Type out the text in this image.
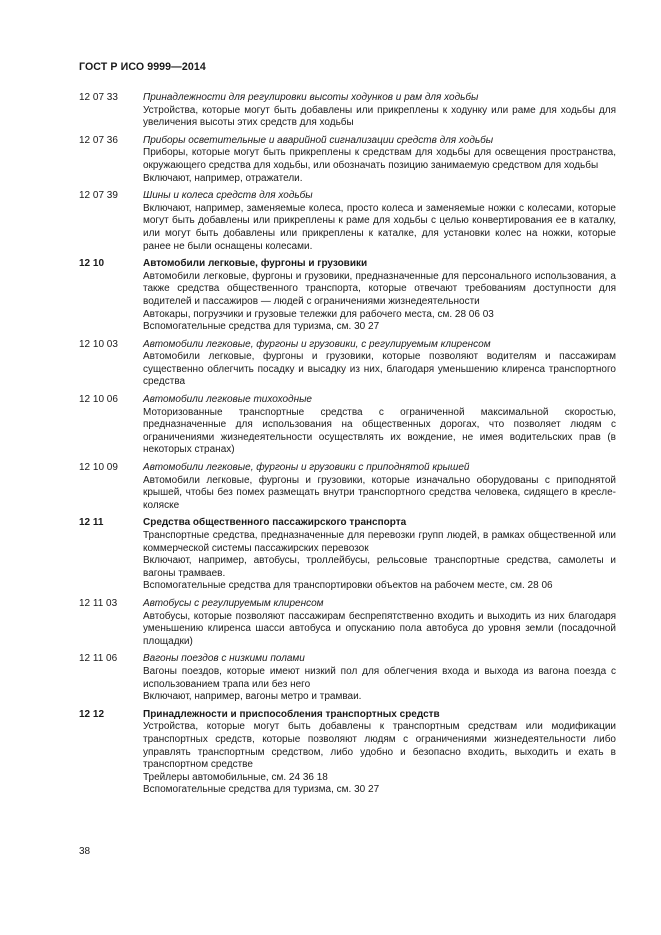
ГОСТ Р ИСО 9999—2014
12 07 33	Принадлежности для регулировки высоты ходунков и рам для ходьбы
Устройства, которые могут быть добавлены или прикреплены к ходунку или раме для ходьбы для увеличения высоты этих средств для ходьбы
12 07 36	Приборы осветительные и аварийной сигнализации средств для ходьбы
Приборы, которые могут быть прикреплены к средствам для ходьбы для освещения пространства, окружающего средства для ходьбы, или обозначать позицию занимаемую средством для ходьбы
Включают, например, отражатели.
12 07 39	Шины и колеса средств для ходьбы
Включают, например, заменяемые колеса, просто колеса и заменяемые ножки с колесами, которые могут быть добавлены или прикреплены к раме для ходьбы с целью конвертирования ее в каталку, или могут быть добавлены или прикреплены к каталке, для установки колес на ножки, которые ранее не были оснащены колесами.
12 10	Автомобили легковые, фургоны и грузовики
Автомобили легковые, фургоны и грузовики, предназначенные для персонального использования, а также средства общественного транспорта, которые отвечают требованиям доступности для водителей и пассажиров — людей с ограничениями жизнедеятельности
Автокары, погрузчики и грузовые тележки для рабочего места, см. 28 06 03
Вспомогательные средства для туризма, см. 30 27
12 10 03	Автомобили легковые, фургоны и грузовики, с регулируемым клиренсом
Автомобили легковые, фургоны и грузовики, которые позволяют водителям и пассажирам существенно облегчить посадку и высадку из них, благодаря уменьшению клиренса транспортного средства
12 10 06	Автомобили легковые тихоходные
Моторизованные транспортные средства с ограниченной максимальной скоростью, предназначенные для использования на общественных дорогах, что позволяет людям с ограничениями жизнедеятельности осуществлять их вождение, не имея водительских прав (в некоторых странах)
12 10 09	Автомобили легковые, фургоны и грузовики с приподнятой крышей
Автомобили легковые, фургоны и грузовики, которые изначально оборудованы с приподнятой крышей, чтобы без помех размещать внутри транспортного средства человека, сидящего в кресле-коляске
12 11	Средства общественного пассажирского транспорта
Транспортные средства, предназначенные для перевозки групп людей, в рамках общественной или коммерческой системы пассажирских перевозок
Включают, например, автобусы, троллейбусы, рельсовые транспортные средства, самолеты и вагоны трамваев.
Вспомогательные средства для транспортировки объектов на рабочем месте, см. 28 06
12 11 03	Автобусы с регулируемым клиренсом
Автобусы, которые позволяют пассажирам беспрепятственно входить и выходить из них благодаря уменьшению клиренса шасси автобуса и опусканию пола автобуса до уровня земли (посадочной площадки)
12 11 06	Вагоны поездов с низкими полами
Вагоны поездов, которые имеют низкий пол для облегчения входа и выхода из вагона поезда с использованием трапа или без него
Включают, например, вагоны метро и трамваи.
12 12	Принадлежности и приспособления транспортных средств
Устройства, которые могут быть добавлены к транспортным средствам или модификации транспортных средств, которые позволяют людям с ограничениями жизнедеятельности либо управлять транспортным средством, либо удобно и безопасно входить, выходить и ехать в транспортном средстве
Трейлеры автомобильные, см. 24 36 18
Вспомогательные средства для туризма, см. 30 27
38
